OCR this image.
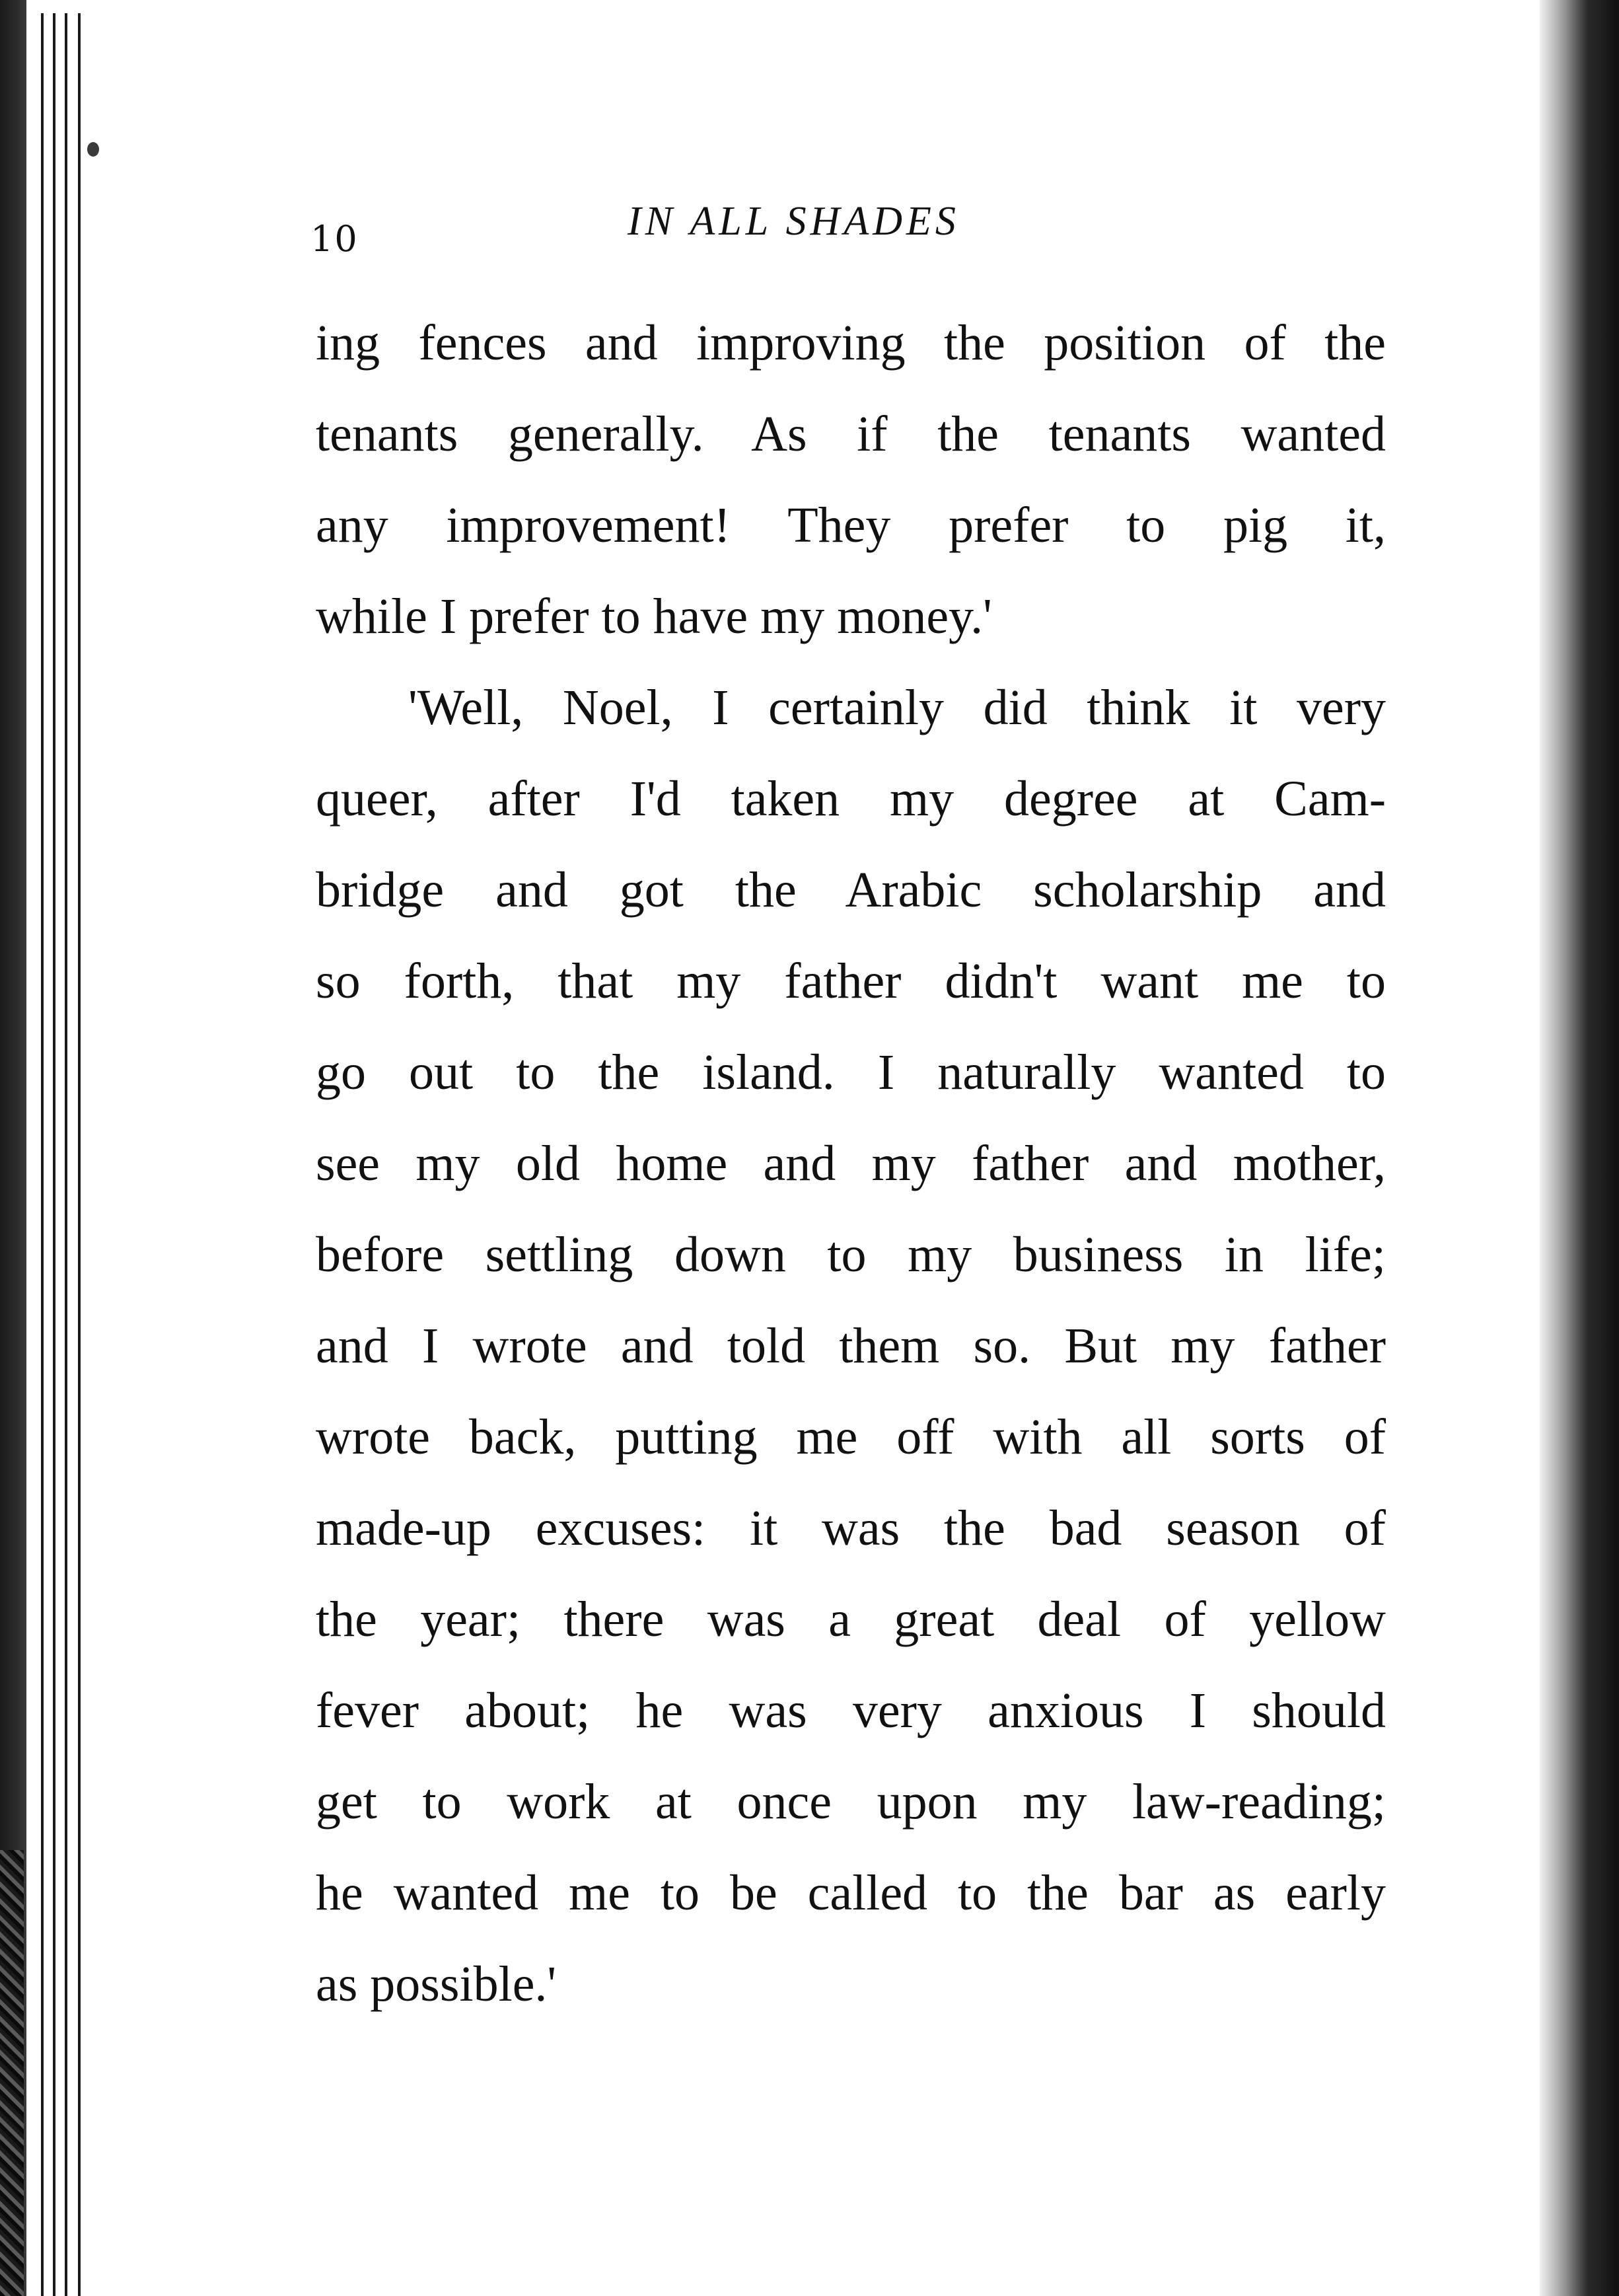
10	IN ALL SHADES
ing fences and improving the position of the
tenants generally. As if the tenants wanted
any improvement! They prefer to pig it,
while I prefer to have my money.'
'Well, Noel, I certainly did think it very
queer, after I'd taken my degree at Cam-
bridge and got the Arabic scholarship and
so forth, that my father didn't want me to
go out to the island. I naturally wanted to
see my old home and my father and mother,
before settling down to my business in life;
and I wrote and told them so. But my father
wrote back, putting me off with all sorts of
made-up excuses: it was the bad season of
the year; there was a great deal of yellow
fever about; he was very anxious I should
get to work at once upon my law-reading;
he wanted me to be called to the bar as early
as possible.'
